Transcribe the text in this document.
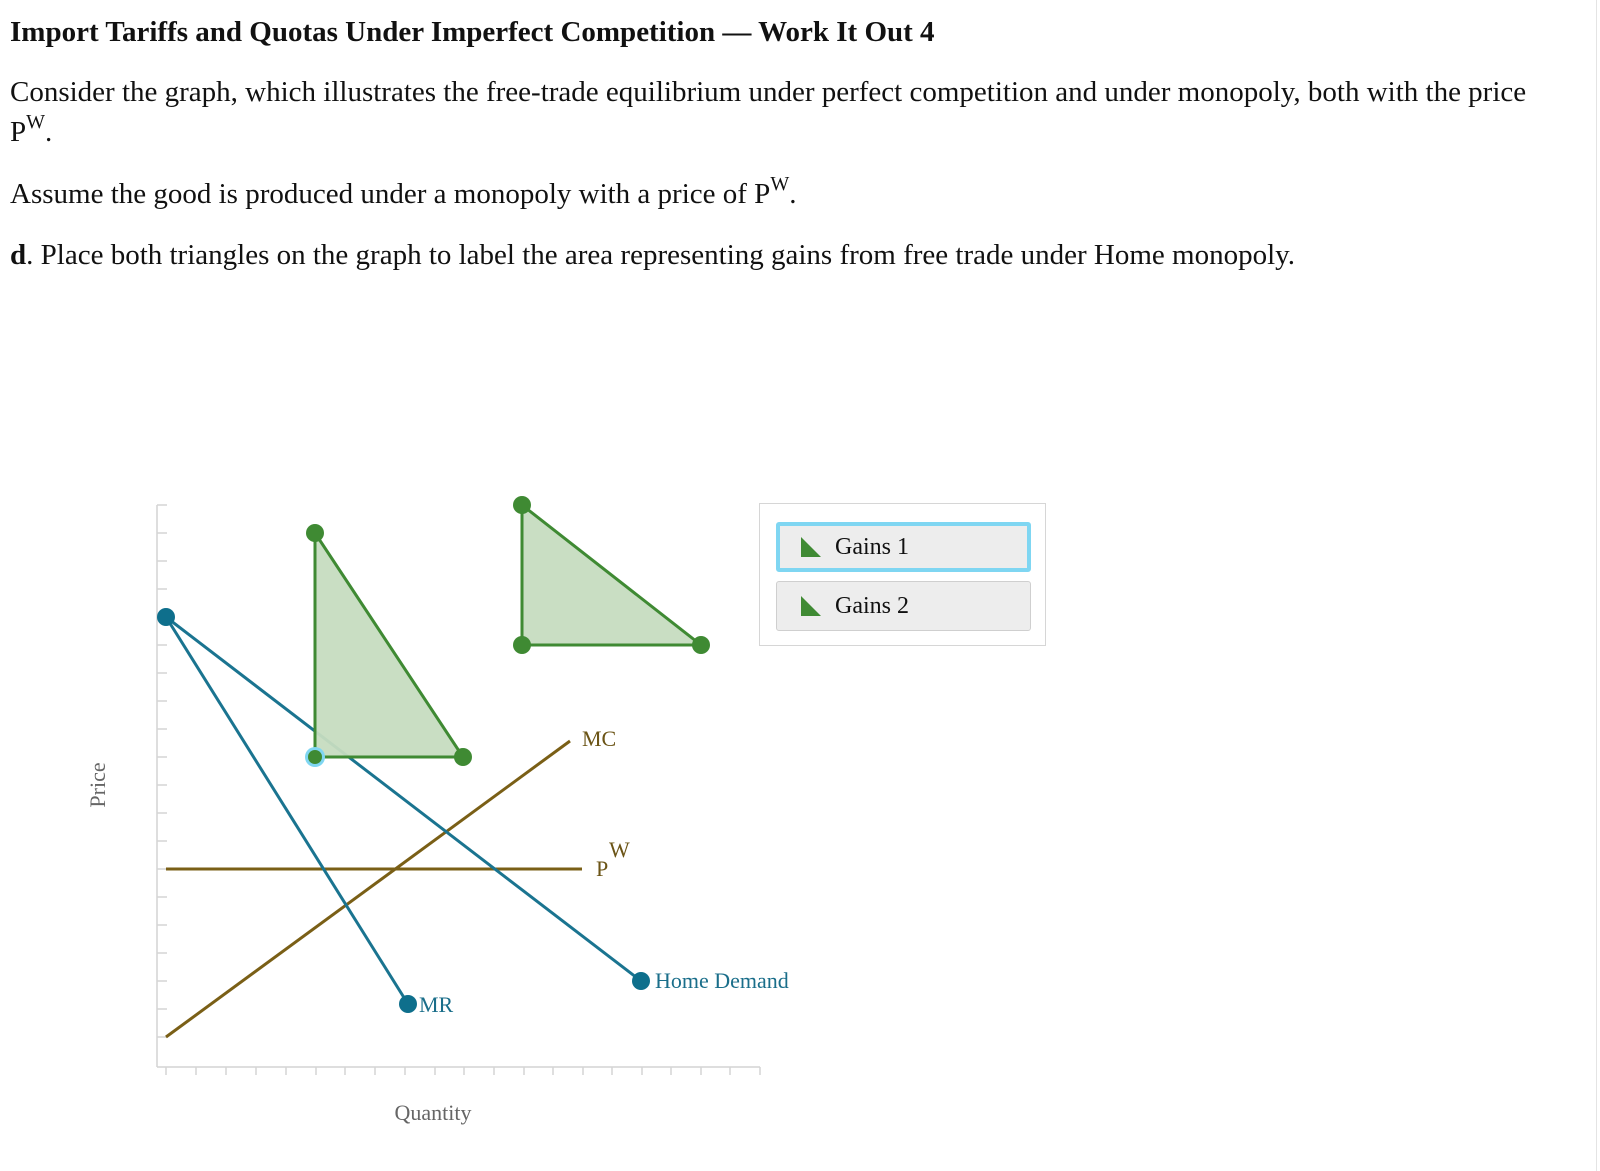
Import Tariffs and Quotas Under Imperfect Competition — Work It Out 4

Consider the graph, which illustrates the free-trade equilibrium under perfect competition and under monopoly, both with the price $P^W$.

Assume the good is produced under a monopoly with a price of $P^W$.

d. Place both triangles on the graph to label the area representing gains from free trade under Home monopoly.

Quantity
Price
MC
P
W
MR
Home Demand
Gains 1
Gains 2
